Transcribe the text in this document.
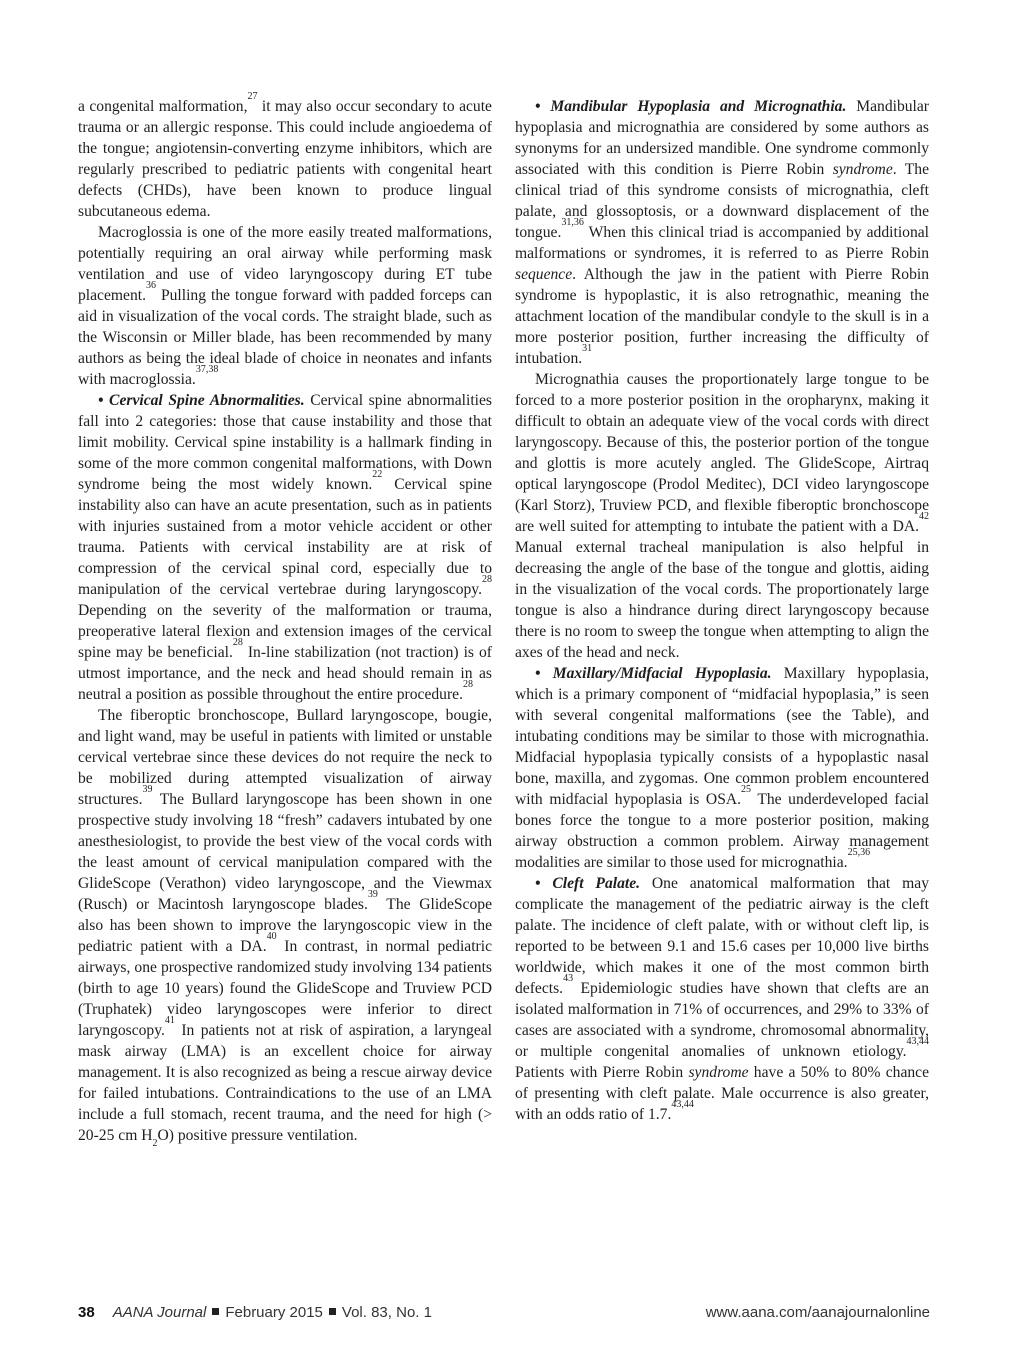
a congenital malformation,$^{27}$ it may also occur secondary to acute trauma or an allergic response. This could include angioedema of the tongue; angiotensin-converting enzyme inhibitors, which are regularly prescribed to pediatric patients with congenital heart defects (CHDs), have been known to produce lingual subcutaneous edema.

Macroglossia is one of the more easily treated malformations, potentially requiring an oral airway while performing mask ventilation and use of video laryngoscopy during ET tube placement.$^{36}$ Pulling the tongue forward with padded forceps can aid in visualization of the vocal cords. The straight blade, such as the Wisconsin or Miller blade, has been recommended by many authors as being the ideal blade of choice in neonates and infants with macroglossia.$^{37,38}$

• Cervical Spine Abnormalities. Cervical spine abnormalities fall into 2 categories: those that cause instability and those that limit mobility. Cervical spine instability is a hallmark finding in some of the more common congenital malformations, with Down syndrome being the most widely known.$^{22}$ Cervical spine instability also can have an acute presentation, such as in patients with injuries sustained from a motor vehicle accident or other trauma. Patients with cervical instability are at risk of compression of the cervical spinal cord, especially due to manipulation of the cervical vertebrae during laryngoscopy.$^{28}$ Depending on the severity of the malformation or trauma, preoperative lateral flexion and extension images of the cervical spine may be beneficial.$^{28}$ In-line stabilization (not traction) is of utmost importance, and the neck and head should remain in as neutral a position as possible throughout the entire procedure.$^{28}$

The fiberoptic bronchoscope, Bullard laryngoscope, bougie, and light wand, may be useful in patients with limited or unstable cervical vertebrae since these devices do not require the neck to be mobilized during attempted visualization of airway structures.$^{39}$ The Bullard laryngoscope has been shown in one prospective study involving 18 “fresh” cadavers intubated by one anesthesiologist, to provide the best view of the vocal cords with the least amount of cervical manipulation compared with the GlideScope (Verathon) video laryngoscope, and the Viewmax (Rusch) or Macintosh laryngoscope blades.$^{39}$ The GlideScope also has been shown to improve the laryngoscopic view in the pediatric patient with a DA.$^{40}$ In contrast, in normal pediatric airways, one prospective randomized study involving 134 patients (birth to age 10 years) found the GlideScope and Truview PCD (Truphatek) video laryngoscopes were inferior to direct laryngoscopy.$^{41}$ In patients not at risk of aspiration, a laryngeal mask airway (LMA) is an excellent choice for airway management. It is also recognized as being a rescue airway device for failed intubations. Contraindications to the use of an LMA include a full stomach, recent trauma, and the need for high (> 20-25 cm H2O) positive pressure ventilation.

• Mandibular Hypoplasia and Micrognathia. Mandibular hypoplasia and micrognathia are considered by some authors as synonyms for an undersized mandible. One syndrome commonly associated with this condition is Pierre Robin syndrome. The clinical triad of this syndrome consists of micrognathia, cleft palate, and glossoptosis, or a downward displacement of the tongue.$^{31,36}$ When this clinical triad is accompanied by additional malformations or syndromes, it is referred to as Pierre Robin sequence. Although the jaw in the patient with Pierre Robin syndrome is hypoplastic, it is also retrognathic, meaning the attachment location of the mandibular condyle to the skull is in a more posterior position, further increasing the difficulty of intubation.$^{31}$

Micrognathia causes the proportionately large tongue to be forced to a more posterior position in the oropharynx, making it difficult to obtain an adequate view of the vocal cords with direct laryngoscopy. Because of this, the posterior portion of the tongue and glottis is more acutely angled. The GlideScope, Airtraq optical laryngoscope (Prodol Meditec), DCI video laryngoscope (Karl Storz), Truview PCD, and flexible fiberoptic bronchoscope are well suited for attempting to intubate the patient with a DA.$^{42}$ Manual external tracheal manipulation is also helpful in decreasing the angle of the base of the tongue and glottis, aiding in the visualization of the vocal cords. The proportionately large tongue is also a hindrance during direct laryngoscopy because there is no room to sweep the tongue when attempting to align the axes of the head and neck.

• Maxillary/Midfacial Hypoplasia. Maxillary hypoplasia, which is a primary component of “midfacial hypoplasia,” is seen with several congenital malformations (see the Table), and intubating conditions may be similar to those with micrognathia. Midfacial hypoplasia typically consists of a hypoplastic nasal bone, maxilla, and zygomas. One common problem encountered with midfacial hypoplasia is OSA.$^{25}$ The underdeveloped facial bones force the tongue to a more posterior position, making airway obstruction a common problem. Airway management modalities are similar to those used for micrognathia.$^{25,36}$

• Cleft Palate. One anatomical malformation that may complicate the management of the pediatric airway is the cleft palate. The incidence of cleft palate, with or without cleft lip, is reported to be between 9.1 and 15.6 cases per 10,000 live births worldwide, which makes it one of the most common birth defects.$^{43}$ Epidemiologic studies have shown that clefts are an isolated malformation in 71% of occurrences, and 29% to 33% of cases are associated with a syndrome, chromosomal abnormality, or multiple congenital anomalies of unknown etiology.$^{43,44}$ Patients with Pierre Robin syndrome have a 50% to 80% chance of presenting with cleft palate. Male occurrence is also greater, with an odds ratio of 1.7.$^{43,44}$

38 AANA Journal February 2015 Vol. 83, No. 1	www.aana.com/aanajournalonline
